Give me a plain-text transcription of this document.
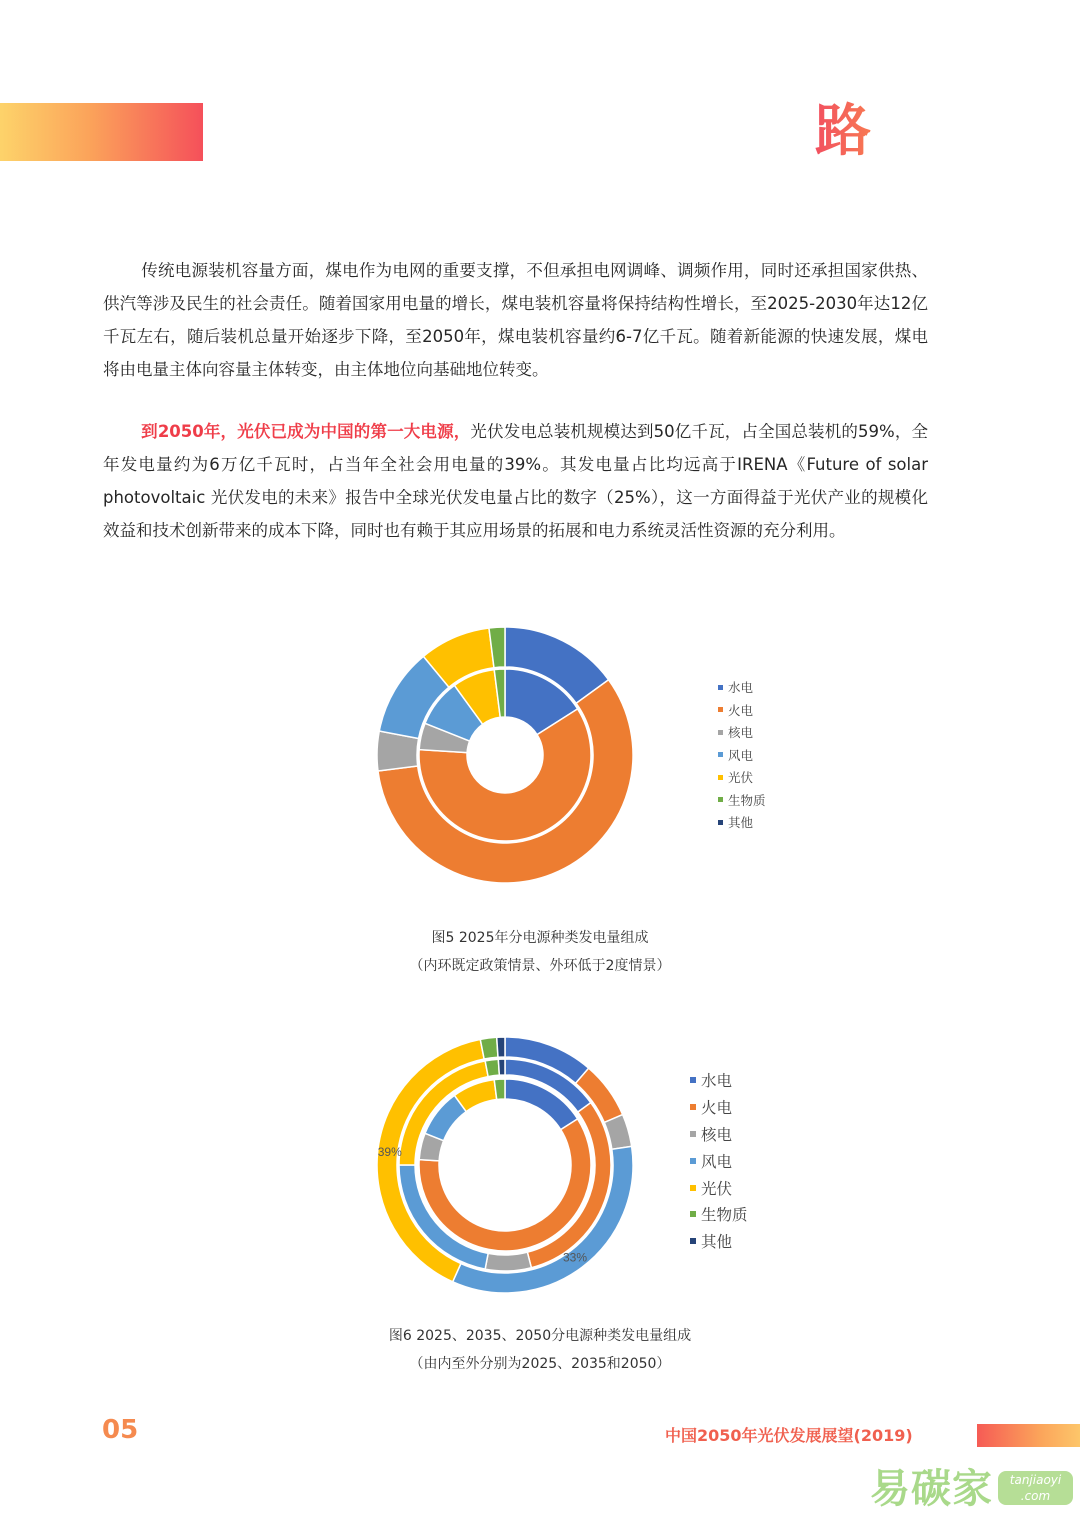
路径

传统电源装机容量方面，煤电作为电网的重要支撑，不但承担电网调峰、调频作用，同时还承担国家供热、供汽等涉及民生的社会责任。随着国家用电量的增长，煤电装机容量将保持结构性增长，至2025-2030年达12亿千瓦左右，随后装机总量开始逐步下降，至2050年，煤电装机容量约6-7亿千瓦。随着新能源的快速发展，煤电将由电量主体向容量主体转变，由主体地位向基础地位转变。

到2050年，光伏已成为中国的第一大电源，光伏发电总装机规模达到50亿千瓦，占全国总装机的59%，全年发电量约为6万亿千瓦时，占当年全社会用电量的39%。其发电量占比均远高于IRENA《Future of solar photovoltaic 光伏发电的未来》报告中全球光伏发电量占比的数字（25%），这一方面得益于光伏产业的规模化效益和技术创新带来的成本下降，同时也有赖于其应用场景的拓展和电力系统灵活性资源的充分利用。

水电
火电
核电
风电
光伏
生物质
其他
图5 2025年分电源种类发电量组成
（内环既定政策情景、外环低于2度情景）
39%
33%
水电
火电
核电
风电
光伏
生物质
其他
图6 2025、2035、2050分电源种类发电量组成
（由内至外分别为2025、2035和2050）
05	中国2050年光伏发展展望(2019)
易碳家 tanjiaoyi
.com
